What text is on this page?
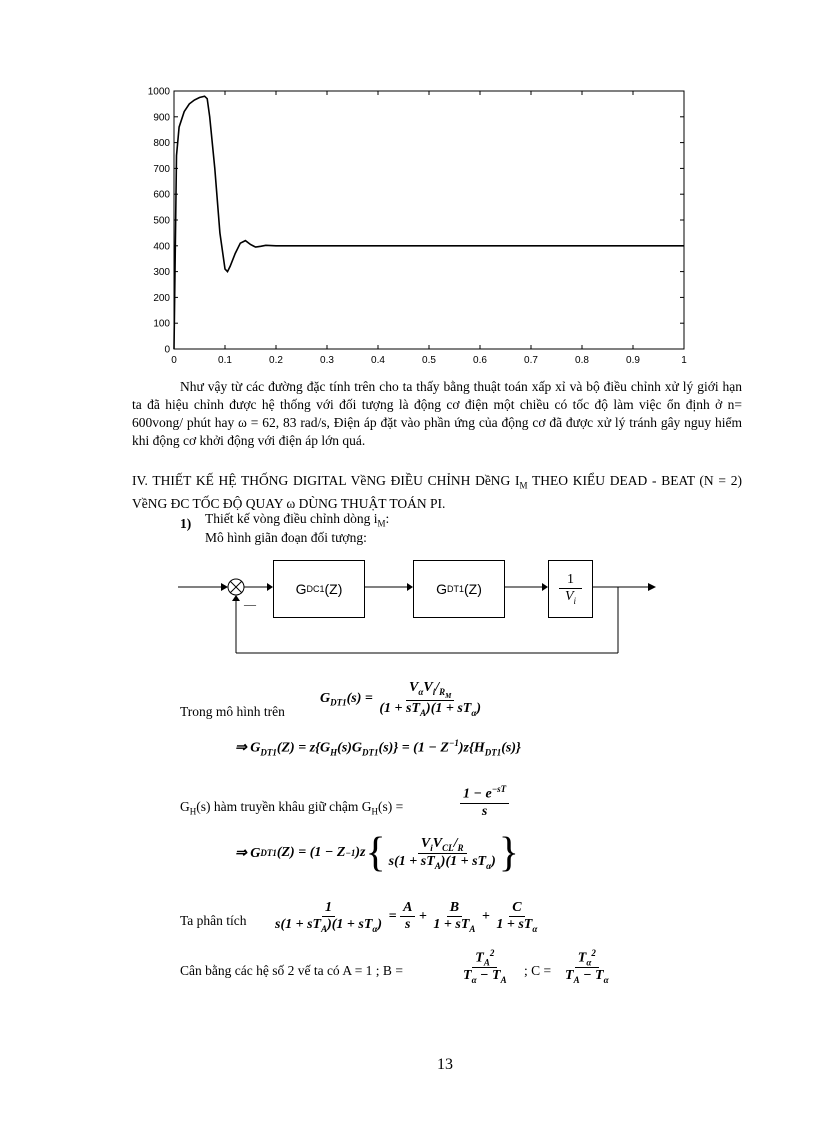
0	0.1	0.2	0.3	0.4	0.5	0.6	0.7	0.8	0.9	1
0
100
200
300
400
500
600
700
800
900
1000
Như vậy từ các đường đặc tính trên cho ta thấy bằng thuật toán xấp xỉ và bộ điều chỉnh xử lý giới hạn ta đã hiệu chỉnh được hệ thống với đối tượng là động cơ điện một chiều có tốc độ làm việc ổn định ở n= 600vong/ phút hay ω = 62, 83 rad/s, Điện áp đặt vào phần ứng của động cơ đã được xử lý tránh gây nguy hiểm khi động cơ khởi động với điện áp lớn quá.
IV. THIẾT KẾ HỆ THỐNG DIGITAL VềNG ĐIỀU CHỈNH DềNG $I_M$ THEO KIỂU DEAD - BEAT (N = 2) VềNG ĐC TỐC ĐỘ QUAY ω DÙNG THUẬT TOÁN PI.
1) Thiết kế vòng điều chỉnh dòng $i_M$:
Mô hình giãn đoạn đối tượng:
—
G DC1 (Z)	G DT1 (Z)
1
$V_i$
Trong mô hình trên
$G_{DT1}(s) = \frac{V_\alpha V_i/_{R_M}}{(1 + sT_A)(1 + sT_\alpha)}$
⇒ $G_{DT1}(Z) = z\{G_H(s)G_{DT1}(s)\} = (1 - Z^{-1})z\{H_{DT1}(s)\}$
$G_H(s)$ hàm truyền khâu giữ chậm $G_H(s)$ =	$\frac{1 - e^{-sT}}{s}$
⇒ G DT1 (Z) = (1 − Z −1 )z { $\frac{V_iV_{CL}/_R}{s(1 + sT_A)(1 + sT_\alpha)}$ }
Ta phân tích $\frac{1}{s(1 + sT_A)(1 + sT_\alpha)} = \frac{A}{s} + \frac{B}{1 + sT_A} + \frac{C}{1 + sT_\alpha}$
Cân bằng các hệ số 2 vế ta có A = 1 ; B =	$\frac{T_A^2}{T_\alpha - T_A}$ ; $C = \frac{T_\alpha^2}{T_A - T_\alpha}$
13
